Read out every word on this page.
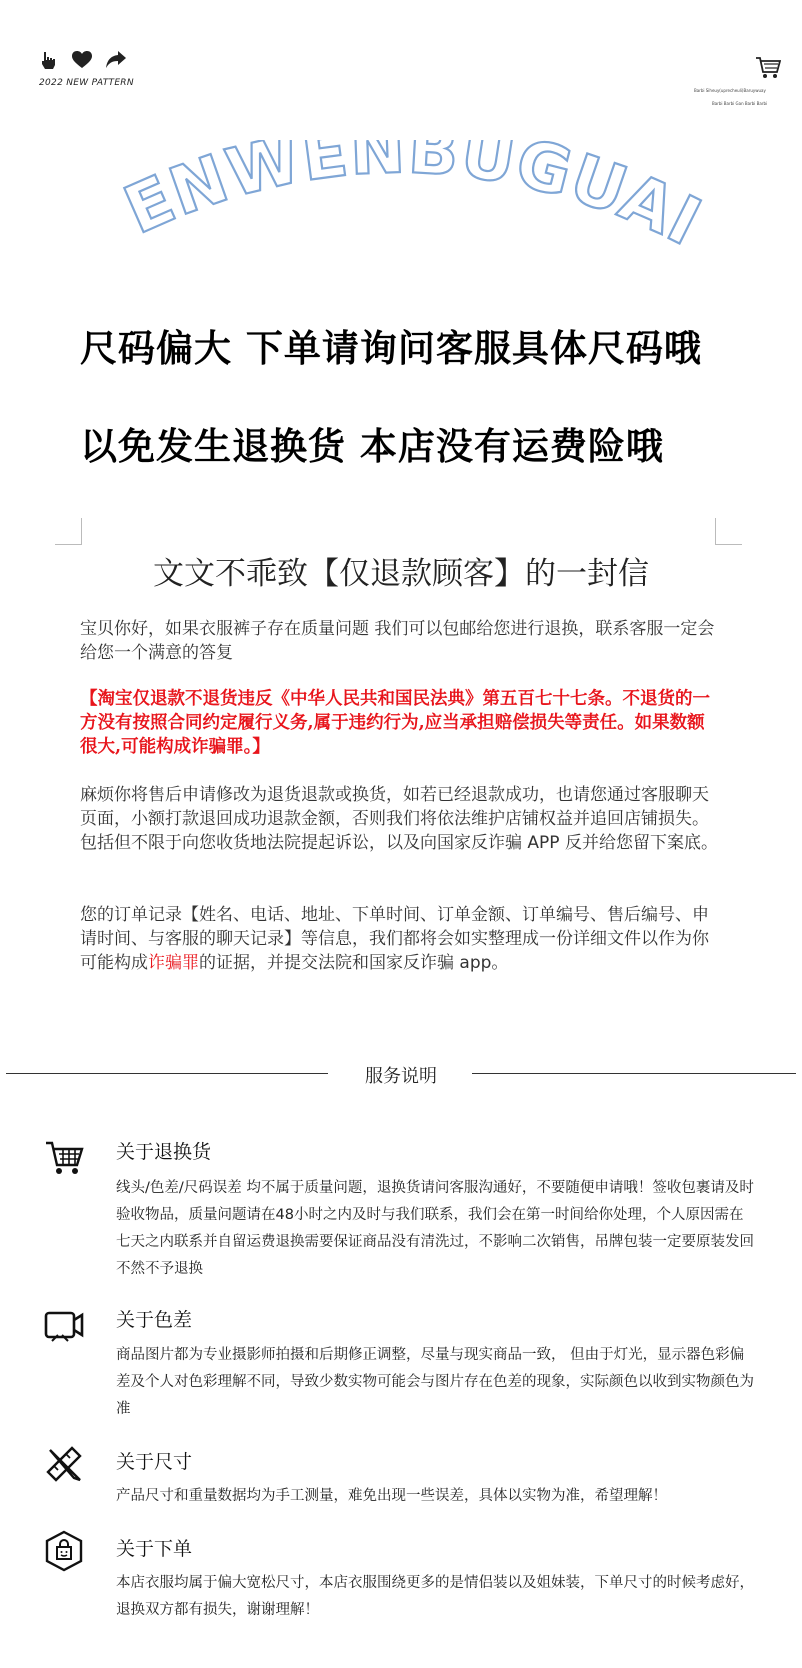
2022 NEW PATTERN
Barbi Siheuy(uprecheuli)Baruywuay
Barbi Barbi Gan Barbi Barbi
ENWENBUGUAI
尺码偏大 下单请询问客服具体尺码哦
以免发生退换货 本店没有运费险哦
文文不乖致【仅退款顾客】的一封信
宝贝你好，如果衣服裤子存在质量问题 我们可以包邮给您进行退换，联系客服一定会给您一个满意的答复
【淘宝仅退款不退货违反《中华人民共和国民法典》第五百七十七条。不退货的一方没有按照合同约定履行义务,属于违约行为,应当承担赔偿损失等责任。如果数额很大,可能构成诈骗罪。】
麻烦你将售后申请修改为退货退款或换货，如若已经退款成功，也请您通过客服聊天页面，小额打款退回成功退款金额，否则我们将依法维护店铺权益并追回店铺损失。包括但不限于向您收货地法院提起诉讼，以及向国家反诈骗 APP 反并给您留下案底。
您的订单记录【姓名、电话、地址、下单时间、订单金额、订单编号、售后编号、申请时间、与客服的聊天记录】等信息，我们都将会如实整理成一份详细文件以作为你可能构成诈骗罪的证据，并提交法院和国家反诈骗 app。
服务说明
关于退换货
线头/色差/尺码误差 均不属于质量问题，退换货请问客服沟通好，不要随便申请哦！签收包裹请及时验收物品，质量问题请在48小时之内及时与我们联系，我们会在第一时间给你处理，个人原因需在七天之内联系并自留运费退换需要保证商品没有清洗过，不影响二次销售，吊牌包装一定要原装发回不然不予退换
关于色差
商品图片都为专业摄影师拍摄和后期修正调整，尽量与现实商品一致， 但由于灯光，显示器色彩偏差及个人对色彩理解不同，导致少数实物可能会与图片存在色差的现象，实际颜色以收到实物颜色为准
关于尺寸
产品尺寸和重量数据均为手工测量，难免出现一些误差，具体以实物为准，希望理解！
关于下单
本店衣服均属于偏大宽松尺寸，本店衣服围绕更多的是情侣装以及姐妹装，下单尺寸的时候考虑好，退换双方都有损失，谢谢理解！
